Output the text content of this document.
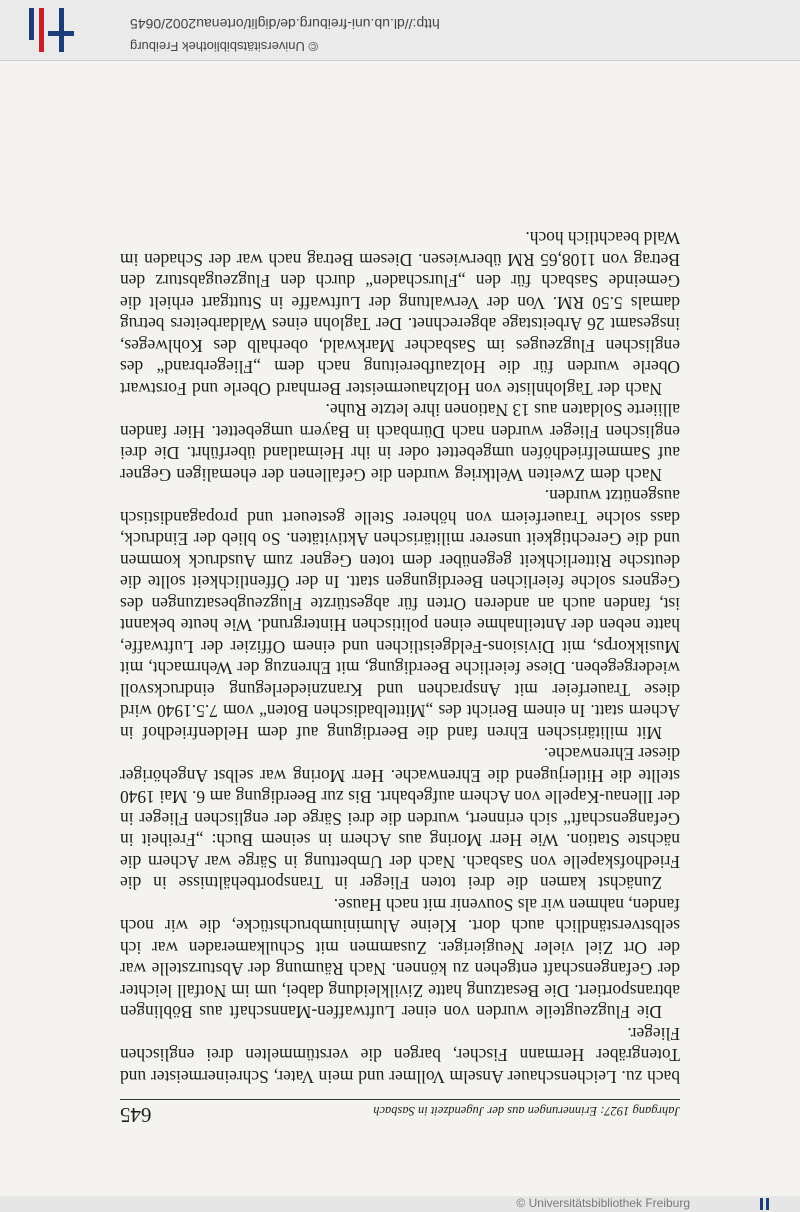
Jahrgang 1927: Erinnerungen aus der Jugendzeit in Sasbach
645

bach zu. Leichenschauer Anselm Vollmer und mein Vater, Schreinermeister und Totengräber Hermann Fischer, bargen die verstümmelten drei englischen Flieger.

Die Flugzeugteile wurden von einer Luftwaffen-Mannschaft aus Böblingen abtransportiert. Die Besatzung hatte Zivilkleidung dabei, um im Notfall leichter der Gefangenschaft entgehen zu können. Nach Räumung der Absturzstelle war der Ort Ziel vieler Neugieriger. Zusammen mit Schulkameraden war ich selbstverständlich auch dort. Kleine Aluminiumbruchstücke, die wir noch fanden, nahmen wir als Souvenir mit nach Hause.

Zunächst kamen die drei toten Flieger in Transportbehältnisse in die Friedhofskapelle von Sasbach. Nach der Umbettung in Särge war Achern die nächste Station. Wie Herr Moring aus Achern in seinem Buch: „Freiheit in Gefangenschaft“ sich erinnert, wurden die drei Särge der englischen Flieger in der Illenau-Kapelle von Achern aufgebahrt. Bis zur Beerdigung am 6. Mai 1940 stellte die Hitlerjugend die Ehrenwache. Herr Moring war selbst Angehöriger dieser Ehrenwache.

Mit militärischen Ehren fand die Beerdigung auf dem Heldenfriedhof in Achern statt. In einem Bericht des „Mittelbadischen Boten“ vom 7.5.1940 wird diese Trauerfeier mit Ansprachen und Kranzniederlegung eindrucksvoll wiedergegeben. Diese feierliche Beerdigung, mit Ehrenzug der Wehrmacht, mit Musikkorps, mit Divisions-Feldgeistlichen und einem Offizier der Luftwaffe, hatte neben der Anteilnahme einen politischen Hintergrund. Wie heute bekannt ist, fanden auch an anderen Orten für abgestürzte Flugzeugbesatzungen des Gegners solche feierlichen Beerdigungen statt. In der Öffentlichkeit sollte die deutsche Ritterlichkeit gegenüber dem toten Gegner zum Ausdruck kommen und die Gerechtigkeit unserer militärischen Aktivitäten. So blieb der Eindruck, dass solche Trauerfeiern von höherer Stelle gesteuert und propagandistisch ausgenützt wurden.

Nach dem Zweiten Weltkrieg wurden die Gefallenen der ehemaligen Gegner auf Sammelfriedhöfen umgebettet oder in ihr Heimatland überführt. Die drei englischen Flieger wurden nach Dürnbach in Bayern umgebettet. Hier fanden alliierte Soldaten aus 13 Nationen ihre letzte Ruhe.

Nach der Taglohnliste von Holzhauermeister Bernhard Oberle und Forstwart Oberle wurden für die Holzaufbereitung nach dem „Fliegerbrand“ des englischen Flugzeuges im Sasbacher Markwald, oberhalb des Kohlweges, insgesamt 26 Arbeitstage abgerechnet. Der Taglohn eines Waldarbeiters betrug damals 5.50 RM. Von der Verwaltung der Luftwaffe in Stuttgart erhielt die Gemeinde Sasbach für den „Flurschaden“ durch den Flugzeugabsturz den Betrag von 1108,65 RM überwiesen. Diesem Betrag nach war der Schaden im Wald beachtlich hoch.

© Universitätsbibliothek Freiburg
http://dl.ub.uni-freiburg.de/diglit/ortenau2002/0645
© Universitätsbibliothek Freiburg
